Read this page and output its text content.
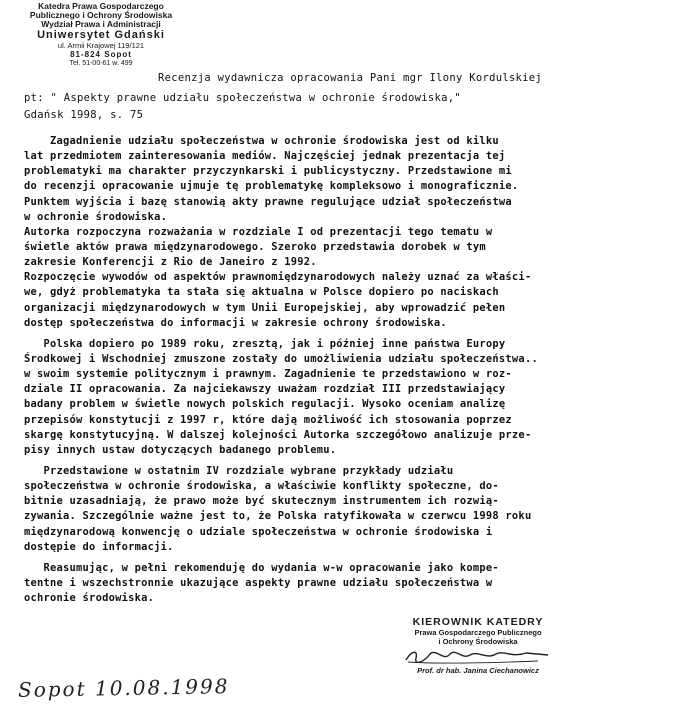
Katedra Prawa Gospodarczego
Publicznego i Ochrony Środowiska
Wydział Prawa i Administracji
Uniwersytet Gdański
ul. Armii Krajowej 119/121
81-824 Sopot
Tel. 51-00-61 w. 499
Recenzja wydawnicza opracowania Pani mgr Ilony Kordulskiej
pt: " Aspekty prawne udziału społeczeństwa w ochronie środowiska,"
Gdańsk 1998, s. 75
Zagadnienie udziału społeczeństwa w ochronie środowiska jest od kilku
lat przedmiotem zainteresowania mediów. Najczęściej jednak prezentacja tej
problematyki ma charakter przyczynkarski i publicystyczny. Przedstawione mi
do recenzji opracowanie ujmuje tę problematykę kompleksowo i monograficznie.
Punktem wyjścia i bazę stanowią akty prawne regulujące udział społeczeństwa
w ochronie środowiska.
Autorka rozpoczyna rozważania w rozdziale I od prezentacji tego tematu w
świetle aktów prawa międzynarodowego. Szeroko przedstawia dorobek w tym
zakresie Konferencji z Rio de Janeiro z 1992.
Rozpoczęcie wywodów od aspektów prawnomiędzynarodowych należy uznać za właści-
we, gdyż problematyka ta stała się aktualna w Polsce dopiero po naciskach
organizacji międzynarodowych w tym Unii Europejskiej, aby wprowadzić pełen
dostęp społeczeństwa do informacji w zakresie ochrony środowiska.
Polska dopiero po 1989 roku, zresztą, jak i później inne państwa Europy
Środkowej i Wschodniej zmuszone zostały do umożliwienia udziału społeczeństwa..
w swoim systemie politycznym i prawnym. Zagadnienie te przedstawiono w roz-
dziale II opracowania. Za najciekawszy uważam rozdział III przedstawiający
badany problem w świetle nowych polskich regulacji. Wysoko oceniam analizę
przepisów konstytucji z 1997 r, które dają możliwość ich stosowania poprzez
skargę konstytucyjną. W dalszej kolejności Autorka szczegółowo analizuje prze-
pisy innych ustaw dotyczących badanego problemu.
Przedstawione w ostatnim IV rozdziale wybrane przykłady udziału
społeczeństwa w ochronie środowiska, a właściwie konflikty społeczne, do-
bitnie uzasadniają, że prawo może być skutecznym instrumentem ich rozwią-
zywania. Szczególnie ważne jest to, że Polska ratyfikowała w czerwcu 1998 roku
międzynarodową konwencję o udziale społeczeństwa w ochronie środowiska i
dostępie do informacji.
Reasumując, w pełni rekomenduję do wydania w-w opracowanie jako kompe-
tentne i wszechstronnie ukazujące aspekty prawne udziału społeczeństwa w
ochronie środowiska.
KIEROWNIK KATEDRY
Prawa Gospodarczego Publicznego
i Ochrony Środowiska
Prof. dr hab. Janina Ciechanowicz
Sopot 10.08.1998
